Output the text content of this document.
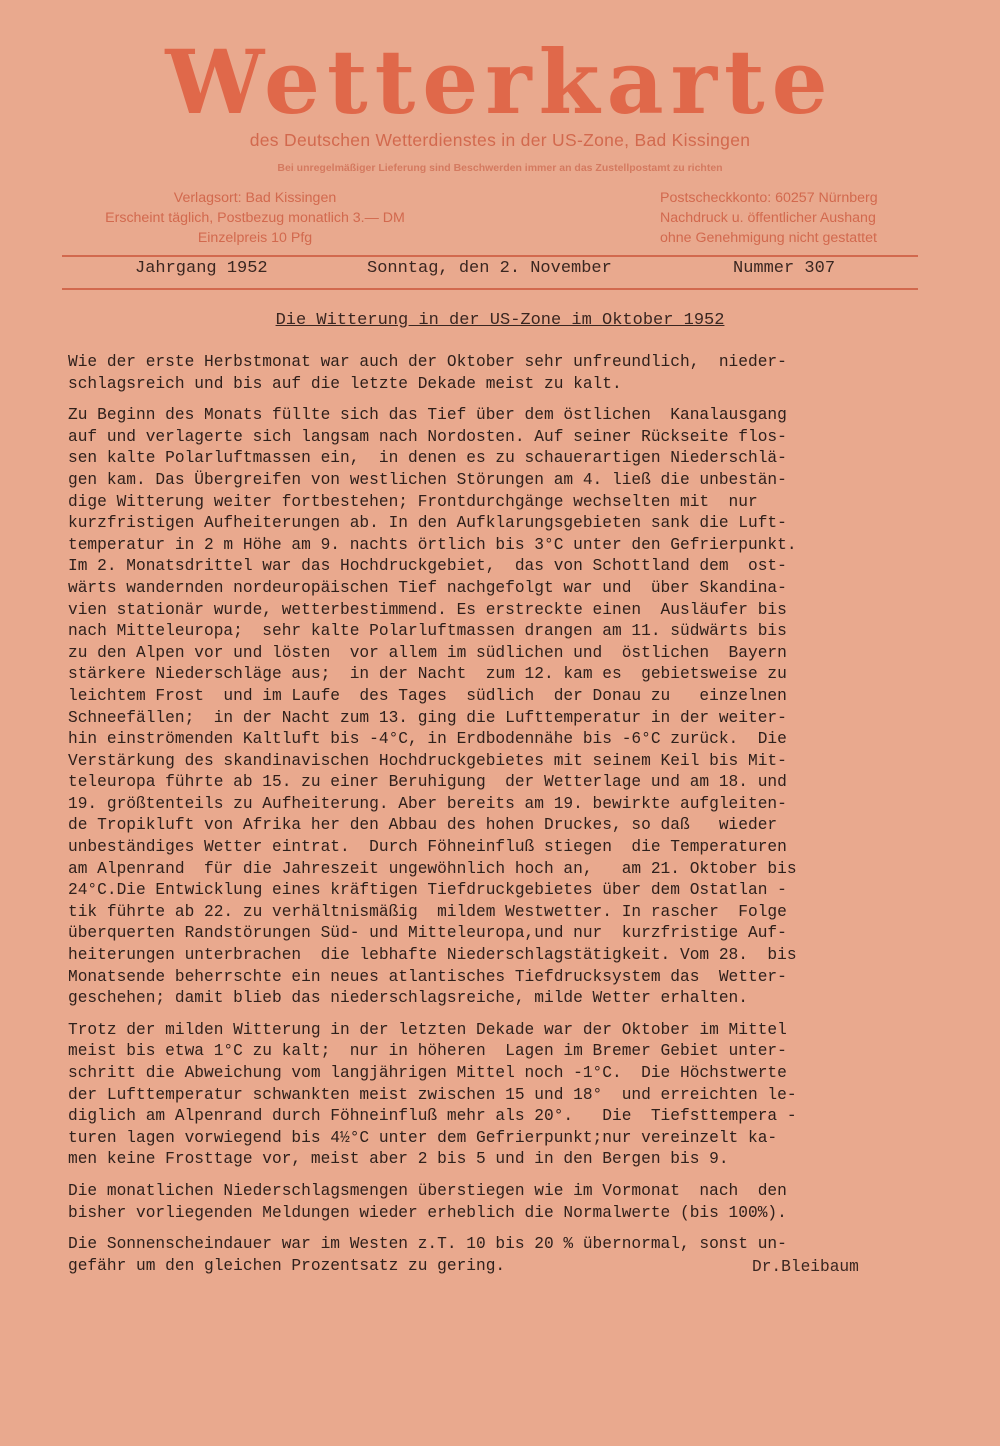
Wetterkarte
des Deutschen Wetterdienstes in der US-Zone, Bad Kissingen
Bei unregelmäßiger Lieferung sind Beschwerden immer an das Zustellpostamt zu richten
Verlagsort: Bad Kissingen
Erscheint täglich, Postbezug monatlich 3.— DM
Einzelpreis 10 Pfg
Postscheckkonto: 60257 Nürnberg
Nachdruck u. öffentlicher Aushang
ohne Genehmigung nicht gestattet
Jahrgang 1952	Sonntag, den 2. November	Nummer 307
Die Witterung in der US-Zone im Oktober 1952
Wie der erste Herbstmonat war auch der Oktober sehr unfreundlich,  nieder-
schlagsreich und bis auf die letzte Dekade meist zu kalt.
Zu Beginn des Monats füllte sich das Tief über dem östlichen  Kanalausgang
auf und verlagerte sich langsam nach Nordosten. Auf seiner Rückseite flos-
sen kalte Polarluftmassen ein,  in denen es zu schauerartigen Niederschlä-
gen kam. Das Übergreifen von westlichen Störungen am 4. ließ die unbestän-
dige Witterung weiter fortbestehen; Frontdurchgänge wechselten mit  nur
kurzfristigen Aufheiterungen ab. In den Aufklarungsgebieten sank die Luft-
temperatur in 2 m Höhe am 9. nachts örtlich bis 3°C unter den Gefrierpunkt.
Im 2. Monatsdrittel war das Hochdruckgebiet,  das von Schottland dem  ost-
wärts wandernden nordeuropäischen Tief nachgefolgt war und  über Skandina-
vien stationär wurde, wetterbestimmend. Es erstreckte einen  Ausläufer bis
nach Mitteleuropa;  sehr kalte Polarluftmassen drangen am 11. südwärts bis
zu den Alpen vor und lösten  vor allem im südlichen und  östlichen  Bayern
stärkere Niederschläge aus;  in der Nacht  zum 12. kam es  gebietsweise zu
leichtem Frost  und im Laufe  des Tages  südlich  der Donau zu   einzelnen
Schneefällen;  in der Nacht zum 13. ging die Lufttemperatur in der weiter-
hin einströmenden Kaltluft bis -4°C, in Erdbodennähe bis -6°C zurück.  Die
Verstärkung des skandinavischen Hochdruckgebietes mit seinem Keil bis Mit-
teleuropa führte ab 15. zu einer Beruhigung  der Wetterlage und am 18. und
19. größtenteils zu Aufheiterung. Aber bereits am 19. bewirkte aufgleiten-
de Tropikluft von Afrika her den Abbau des hohen Druckes, so daß   wieder
unbeständiges Wetter eintrat.  Durch Föhneinfluß stiegen  die Temperaturen
am Alpenrand  für die Jahreszeit ungewöhnlich hoch an,   am 21. Oktober bis
24°C.Die Entwicklung eines kräftigen Tiefdruckgebietes über dem Ostatlan -
tik führte ab 22. zu verhältnismäßig  mildem Westwetter. In rascher  Folge
überquerten Randstörungen Süd- und Mitteleuropa,und nur  kurzfristige Auf-
heiterungen unterbrachen  die lebhafte Niederschlagstätigkeit. Vom 28.  bis
Monatsende beherrschte ein neues atlantisches Tiefdrucksystem das  Wetter-
geschehen; damit blieb das niederschlagsreiche, milde Wetter erhalten.
Trotz der milden Witterung in der letzten Dekade war der Oktober im Mittel
meist bis etwa 1°C zu kalt;  nur in höheren  Lagen im Bremer Gebiet unter-
schritt die Abweichung vom langjährigen Mittel noch -1°C.  Die Höchstwerte
der Lufttemperatur schwankten meist zwischen 15 und 18°  und erreichten le-
diglich am Alpenrand durch Föhneinfluß mehr als 20°.   Die  Tiefsttempera -
turen lagen vorwiegend bis 4½°C unter dem Gefrierpunkt;nur vereinzelt ka-
men keine Frosttage vor, meist aber 2 bis 5 und in den Bergen bis 9.
Die monatlichen Niederschlagsmengen überstiegen wie im Vormonat  nach  den
bisher vorliegenden Meldungen wieder erheblich die Normalwerte (bis 100%).
Die Sonnenscheindauer war im Westen z.T. 10 bis 20 % übernormal, sonst un-
gefähr um den gleichen Prozentsatz zu gering.	Dr.Bleibaum
